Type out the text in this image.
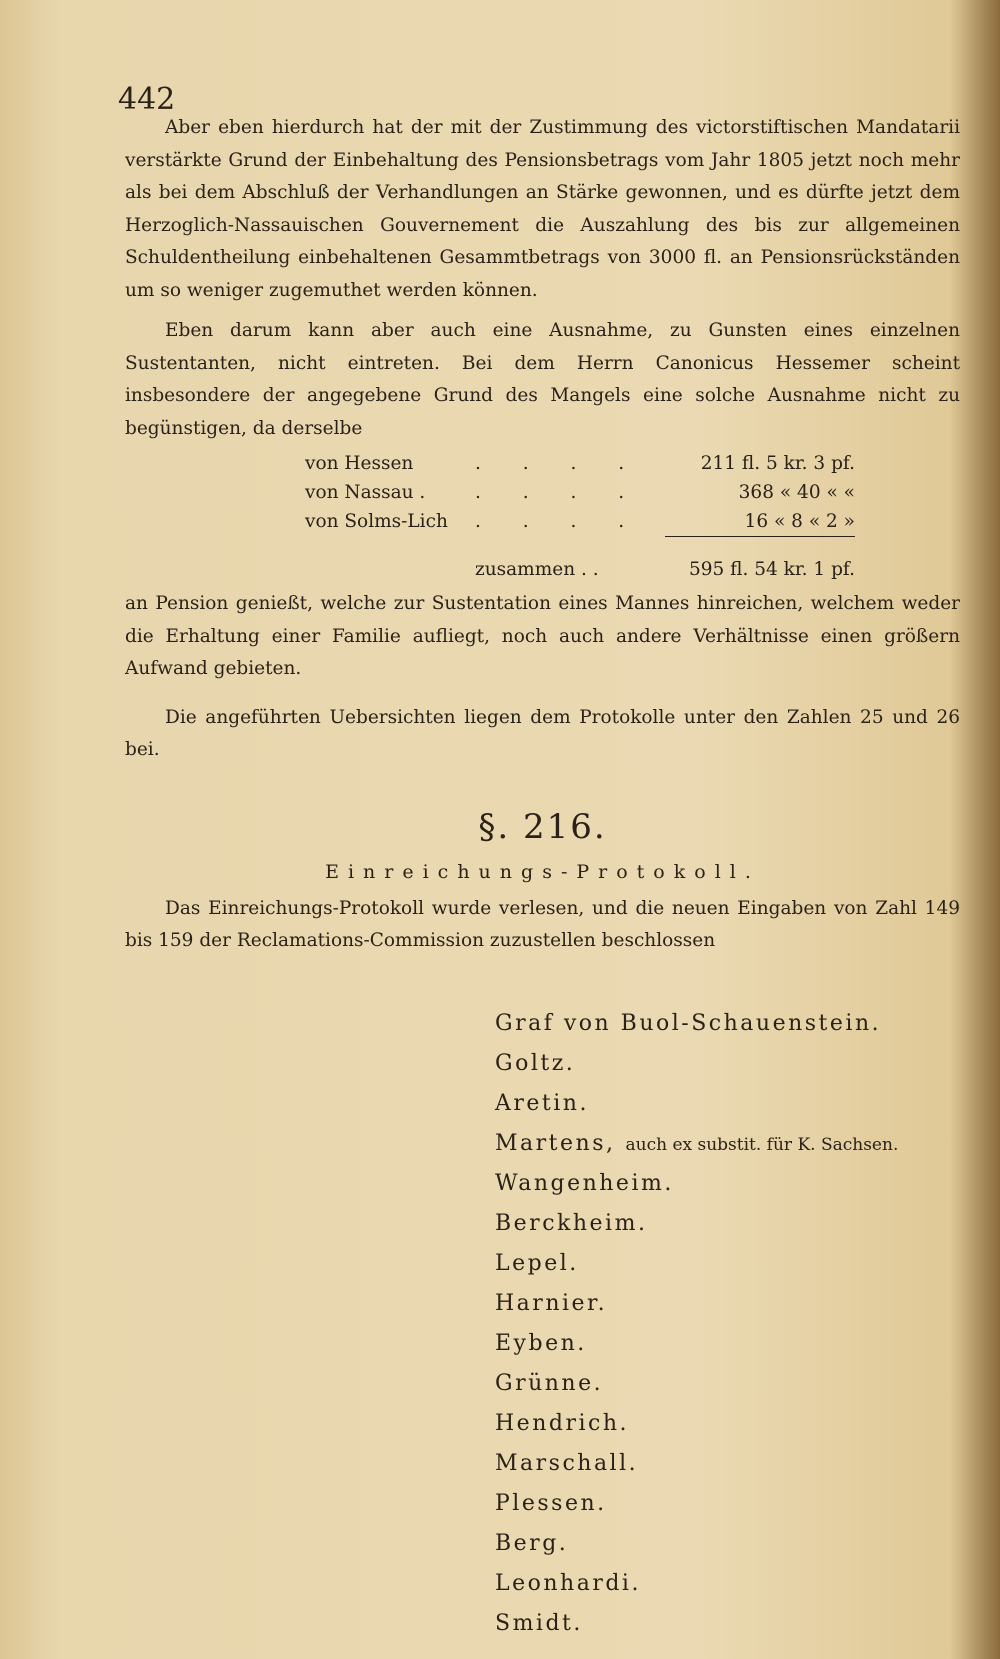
442

Aber eben hierdurch hat der mit der Zustimmung des victorstiftischen Mandatarii verstärkte Grund der Einbehaltung des Pensionsbetrags vom Jahr 1805 jetzt noch mehr als bei dem Abschluß der Verhandlungen an Stärke gewonnen, und es dürfte jetzt dem Herzoglich-Nassauischen Gouvernement die Auszahlung des bis zur allgemeinen Schuldentheilung einbehaltenen Gesammtbetrags von 3000 fl. an Pensionsrückständen um so weniger zugemuthet werden können.

Eben darum kann aber auch eine Ausnahme, zu Gunsten eines einzelnen Sustentanten, nicht eintreten. Bei dem Herrn Canonicus Hessemer scheint insbesondere der angegebene Grund des Mangels eine solche Ausnahme nicht zu begünstigen, da derselbe

von Hessen	. . . .	211 fl. 5 kr. 3 pf.
von Nassau .	. . . .	368 « 40 « «
von Solms-Lich	. . . .	16 « 8 « 2 »
	zusammen . .	595 fl. 54 kr. 1 pf.

an Pension genießt, welche zur Sustentation eines Mannes hinreichen, welchem weder die Erhaltung einer Familie aufliegt, noch auch andere Verhältnisse einen größern Aufwand gebieten.

Die angeführten Uebersichten liegen dem Protokolle unter den Zahlen 25 und 26 bei.

§. 216.
Einreichungs-Protokoll.

Das Einreichungs-Protokoll wurde verlesen, und die neuen Eingaben von Zahl 149 bis 159 der Reclamations-Commission zuzustellen beschlossen

Graf von Buol-Schauenstein.
Goltz.
Aretin.
Martens, auch ex substit. für K. Sachsen.
Wangenheim.
Berckheim.
Lepel.
Harnier.
Eyben.
Grünne.
Hendrich.
Marschall.
Plessen.
Berg.
Leonhardi.
Smidt.
